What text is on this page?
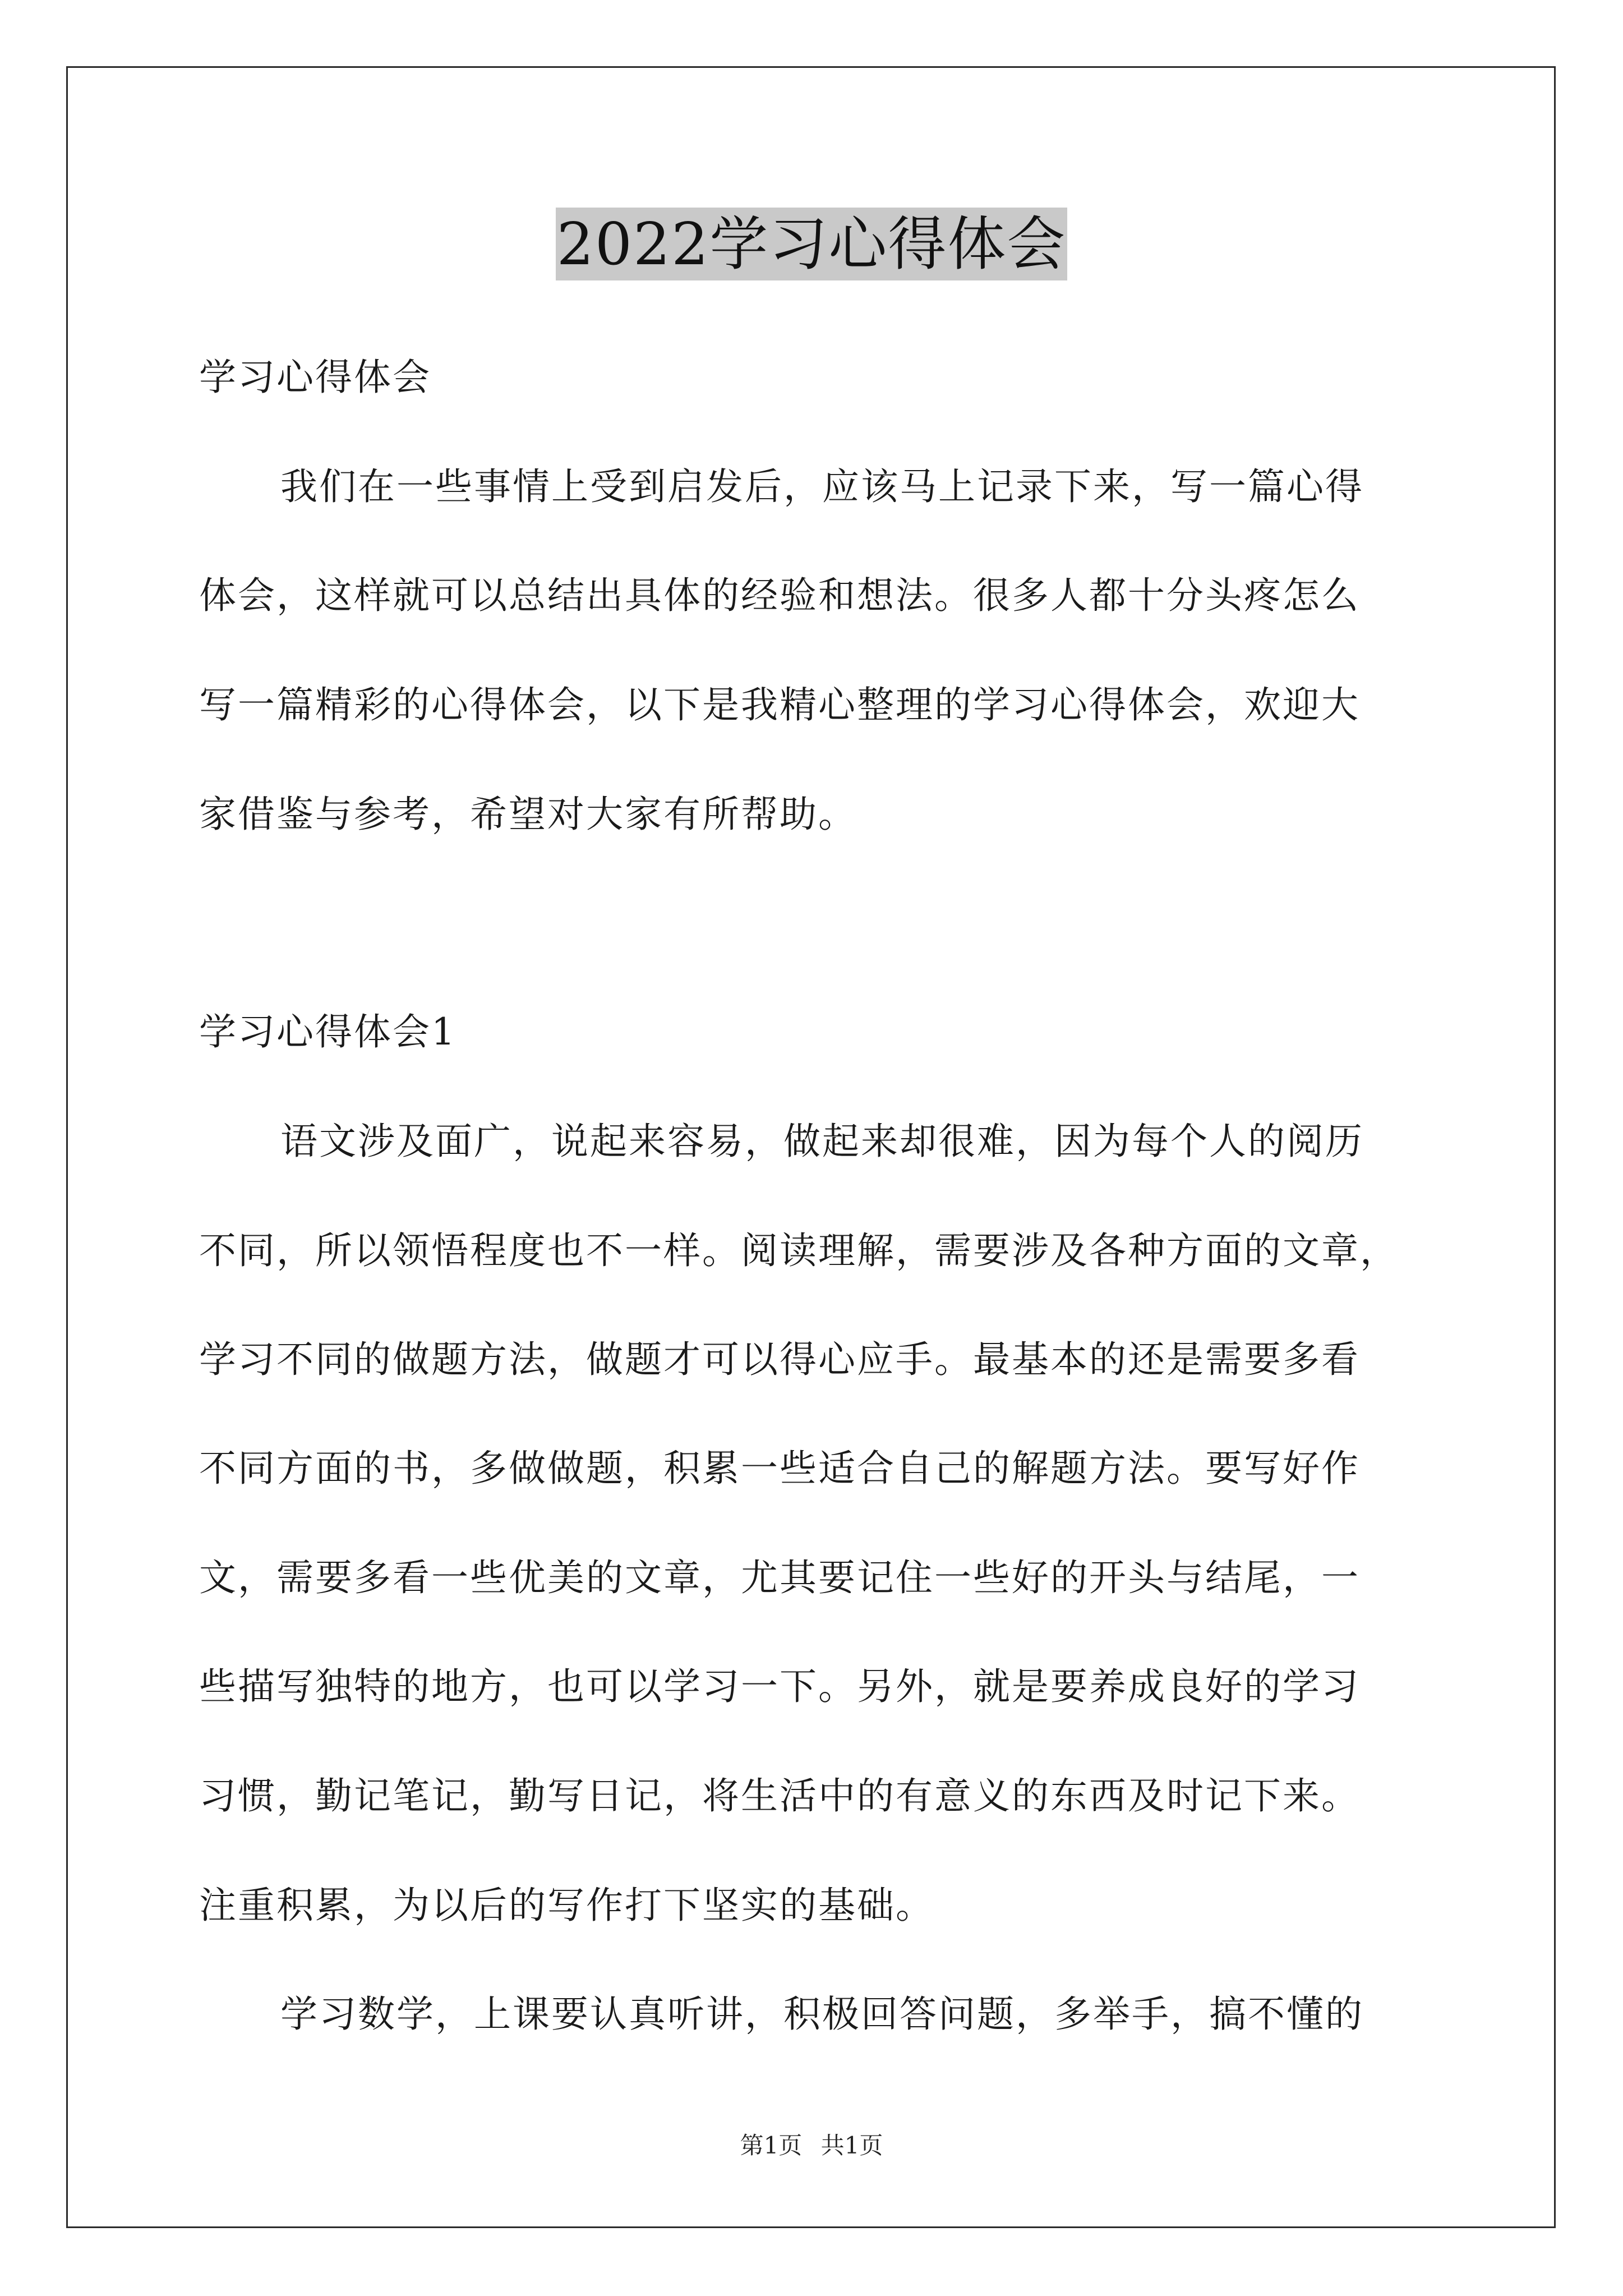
2022学习心得体会
学习心得体会
我们在一些事情上受到启发后，应该马上记录下来，写一篇心得
体会，这样就可以总结出具体的经验和想法。很多人都十分头疼怎么
写一篇精彩的心得体会，以下是我精心整理的学习心得体会，欢迎大
家借鉴与参考，希望对大家有所帮助。
学习心得体会1
语文涉及面广，说起来容易，做起来却很难，因为每个人的阅历
不同，所以领悟程度也不一样。阅读理解，需要涉及各种方面的文章，
学习不同的做题方法，做题才可以得心应手。最基本的还是需要多看
不同方面的书，多做做题，积累一些适合自己的解题方法。要写好作
文，需要多看一些优美的文章，尤其要记住一些好的开头与结尾，一
些描写独特的地方，也可以学习一下。另外，就是要养成良好的学习
习惯，勤记笔记，勤写日记，将生活中的有意义的东西及时记下来。
注重积累，为以后的写作打下坚实的基础。
学习数学，上课要认真听讲，积极回答问题，多举手，搞不懂的
第1页 共1页
